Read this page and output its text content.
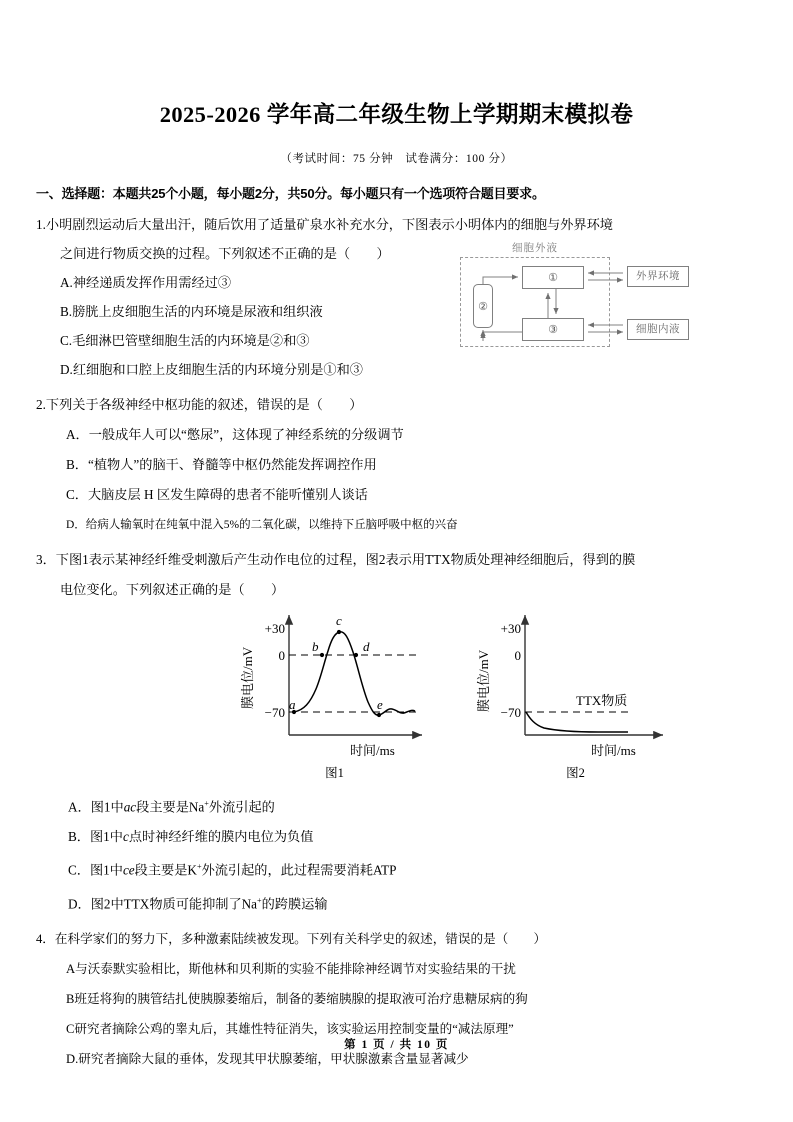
2025-2026 学年高二年级生物上学期期末模拟卷
（考试时间：75 分钟　试卷满分：100 分）
一、选择题：本题共25个小题，每小题2分，共50分。每小题只有一个选项符合题目要求。
1.小明剧烈运动后大量出汗，随后饮用了适量矿泉水补充水分，下图表示小明体内的细胞与外界环境
之间进行物质交换的过程。下列叙述不正确的是（　　）
A.神经递质发挥作用需经过③
B.膀胱上皮细胞生活的内环境是尿液和组织液
C.毛细淋巴管壁细胞生活的内环境是②和③
D.红细胞和口腔上皮细胞生活的内环境分别是①和③
细胞外液
①
②
③
外界环境
细胞内液
2.下列关于各级神经中枢功能的叙述，错误的是（　　）
A．一般成年人可以“憋尿”，这体现了神经系统的分级调节
B．“植物人”的脑干、脊髓等中枢仍然能发挥调控作用
C．大脑皮层 H 区发生障碍的患者不能听懂别人谈话
D．给病人输氧时在纯氧中混入5%的二氧化碳，以维持下丘脑呼吸中枢的兴奋
3．下图1表示某神经纤维受刺激后产生动作电位的过程，图2表示用TTX物质处理神经细胞后，得到的膜
电位变化。下列叙述正确的是（　　）
+30
0
−70
a
b
c
d
e
膜电位/mV
时间/ms
图1
+30
0
−70
膜电位/mV	TTX物质
时间/ms
图2
A．图1中ac段主要是Na+外流引起的
B．图1中c点时神经纤维的膜内电位为负值
C．图1中ce段主要是K+外流引起的，此过程需要消耗ATP
D．图2中TTX物质可能抑制了Na+的跨膜运输
4．在科学家们的努力下，多种激素陆续被发现。下列有关科学史的叙述，错误的是（　　）
A与沃泰默实验相比，斯他林和贝利斯的实验不能排除神经调节对实验结果的干扰
B班廷将狗的胰管结扎使胰腺萎缩后，制备的萎缩胰腺的提取液可治疗患糖尿病的狗
C研究者摘除公鸡的睾丸后，其雄性特征消失，该实验运用控制变量的“减法原理”
D.研究者摘除大鼠的垂体，发现其甲状腺萎缩，甲状腺激素含量显著减少
第 1 页 / 共 10 页
